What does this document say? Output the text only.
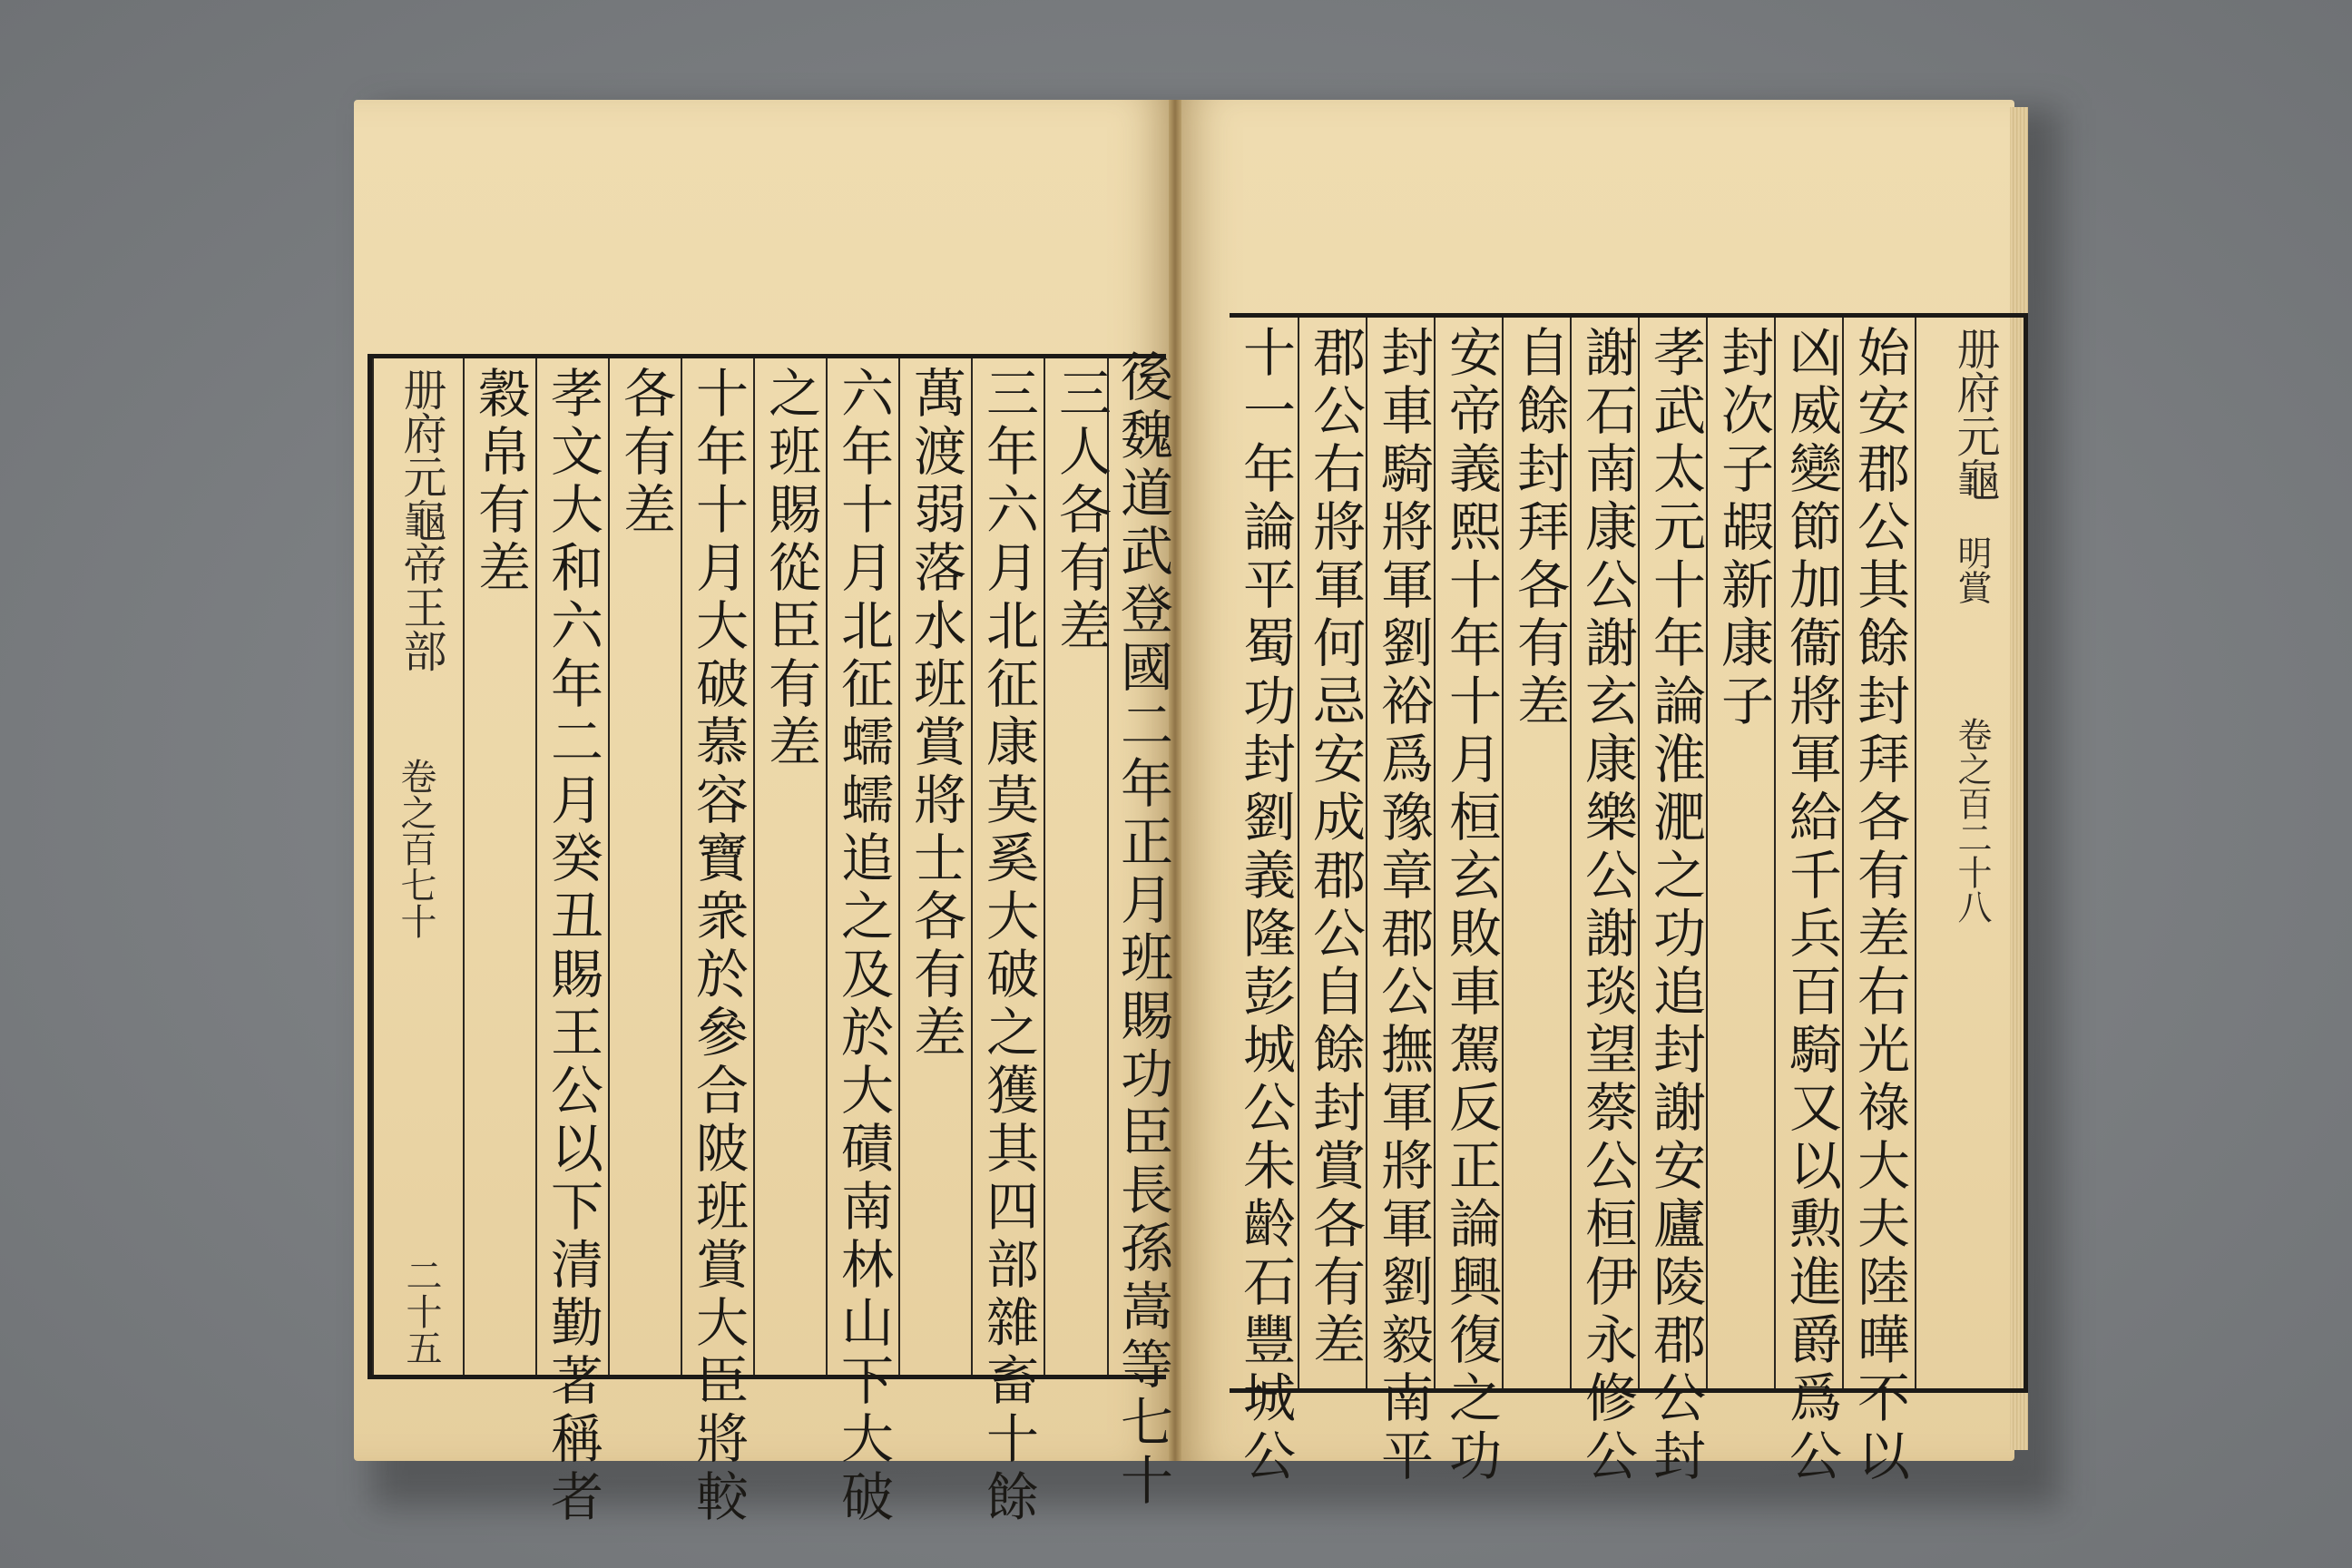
册府元龜帝王部
卷之百七十
二十五
穀帛有差 孝文大和六年二月癸丑賜王公以下清勤著稱者 各有差 十年十月大破慕容寶衆於參合陂班賞大臣將較 之班賜從臣有差 六年十月北征蠕蠕追之及於大磧南林山下大破 萬渡弱落水班賞將士各有差 三年六月北征康莫奚大破之獲其四部雜畜十餘 三人各有差 後魏道武登國二年正月班賜功臣長孫嵩等七十 十一年論平蜀功封劉義隆彭城公朱齡石豐城公 郡公右將軍何忌安成郡公自餘封賞各有差 封車騎將軍劉裕爲豫章郡公撫軍將軍劉毅南平 安帝義熙十年十月桓玄敗車駕反正論興復之功 自餘封拜各有差 謝石南康公謝玄康樂公謝琰望蔡公桓伊永修公 孝武太元十年論淮淝之功追封謝安廬陵郡公封 封次子嘏新康子 凶威變節加衞將軍給千兵百騎又以勲進爵爲公 始安郡公其餘封拜各有差右光祿大夫陸曄不以 册府元龜
明賞
卷之百二十八
